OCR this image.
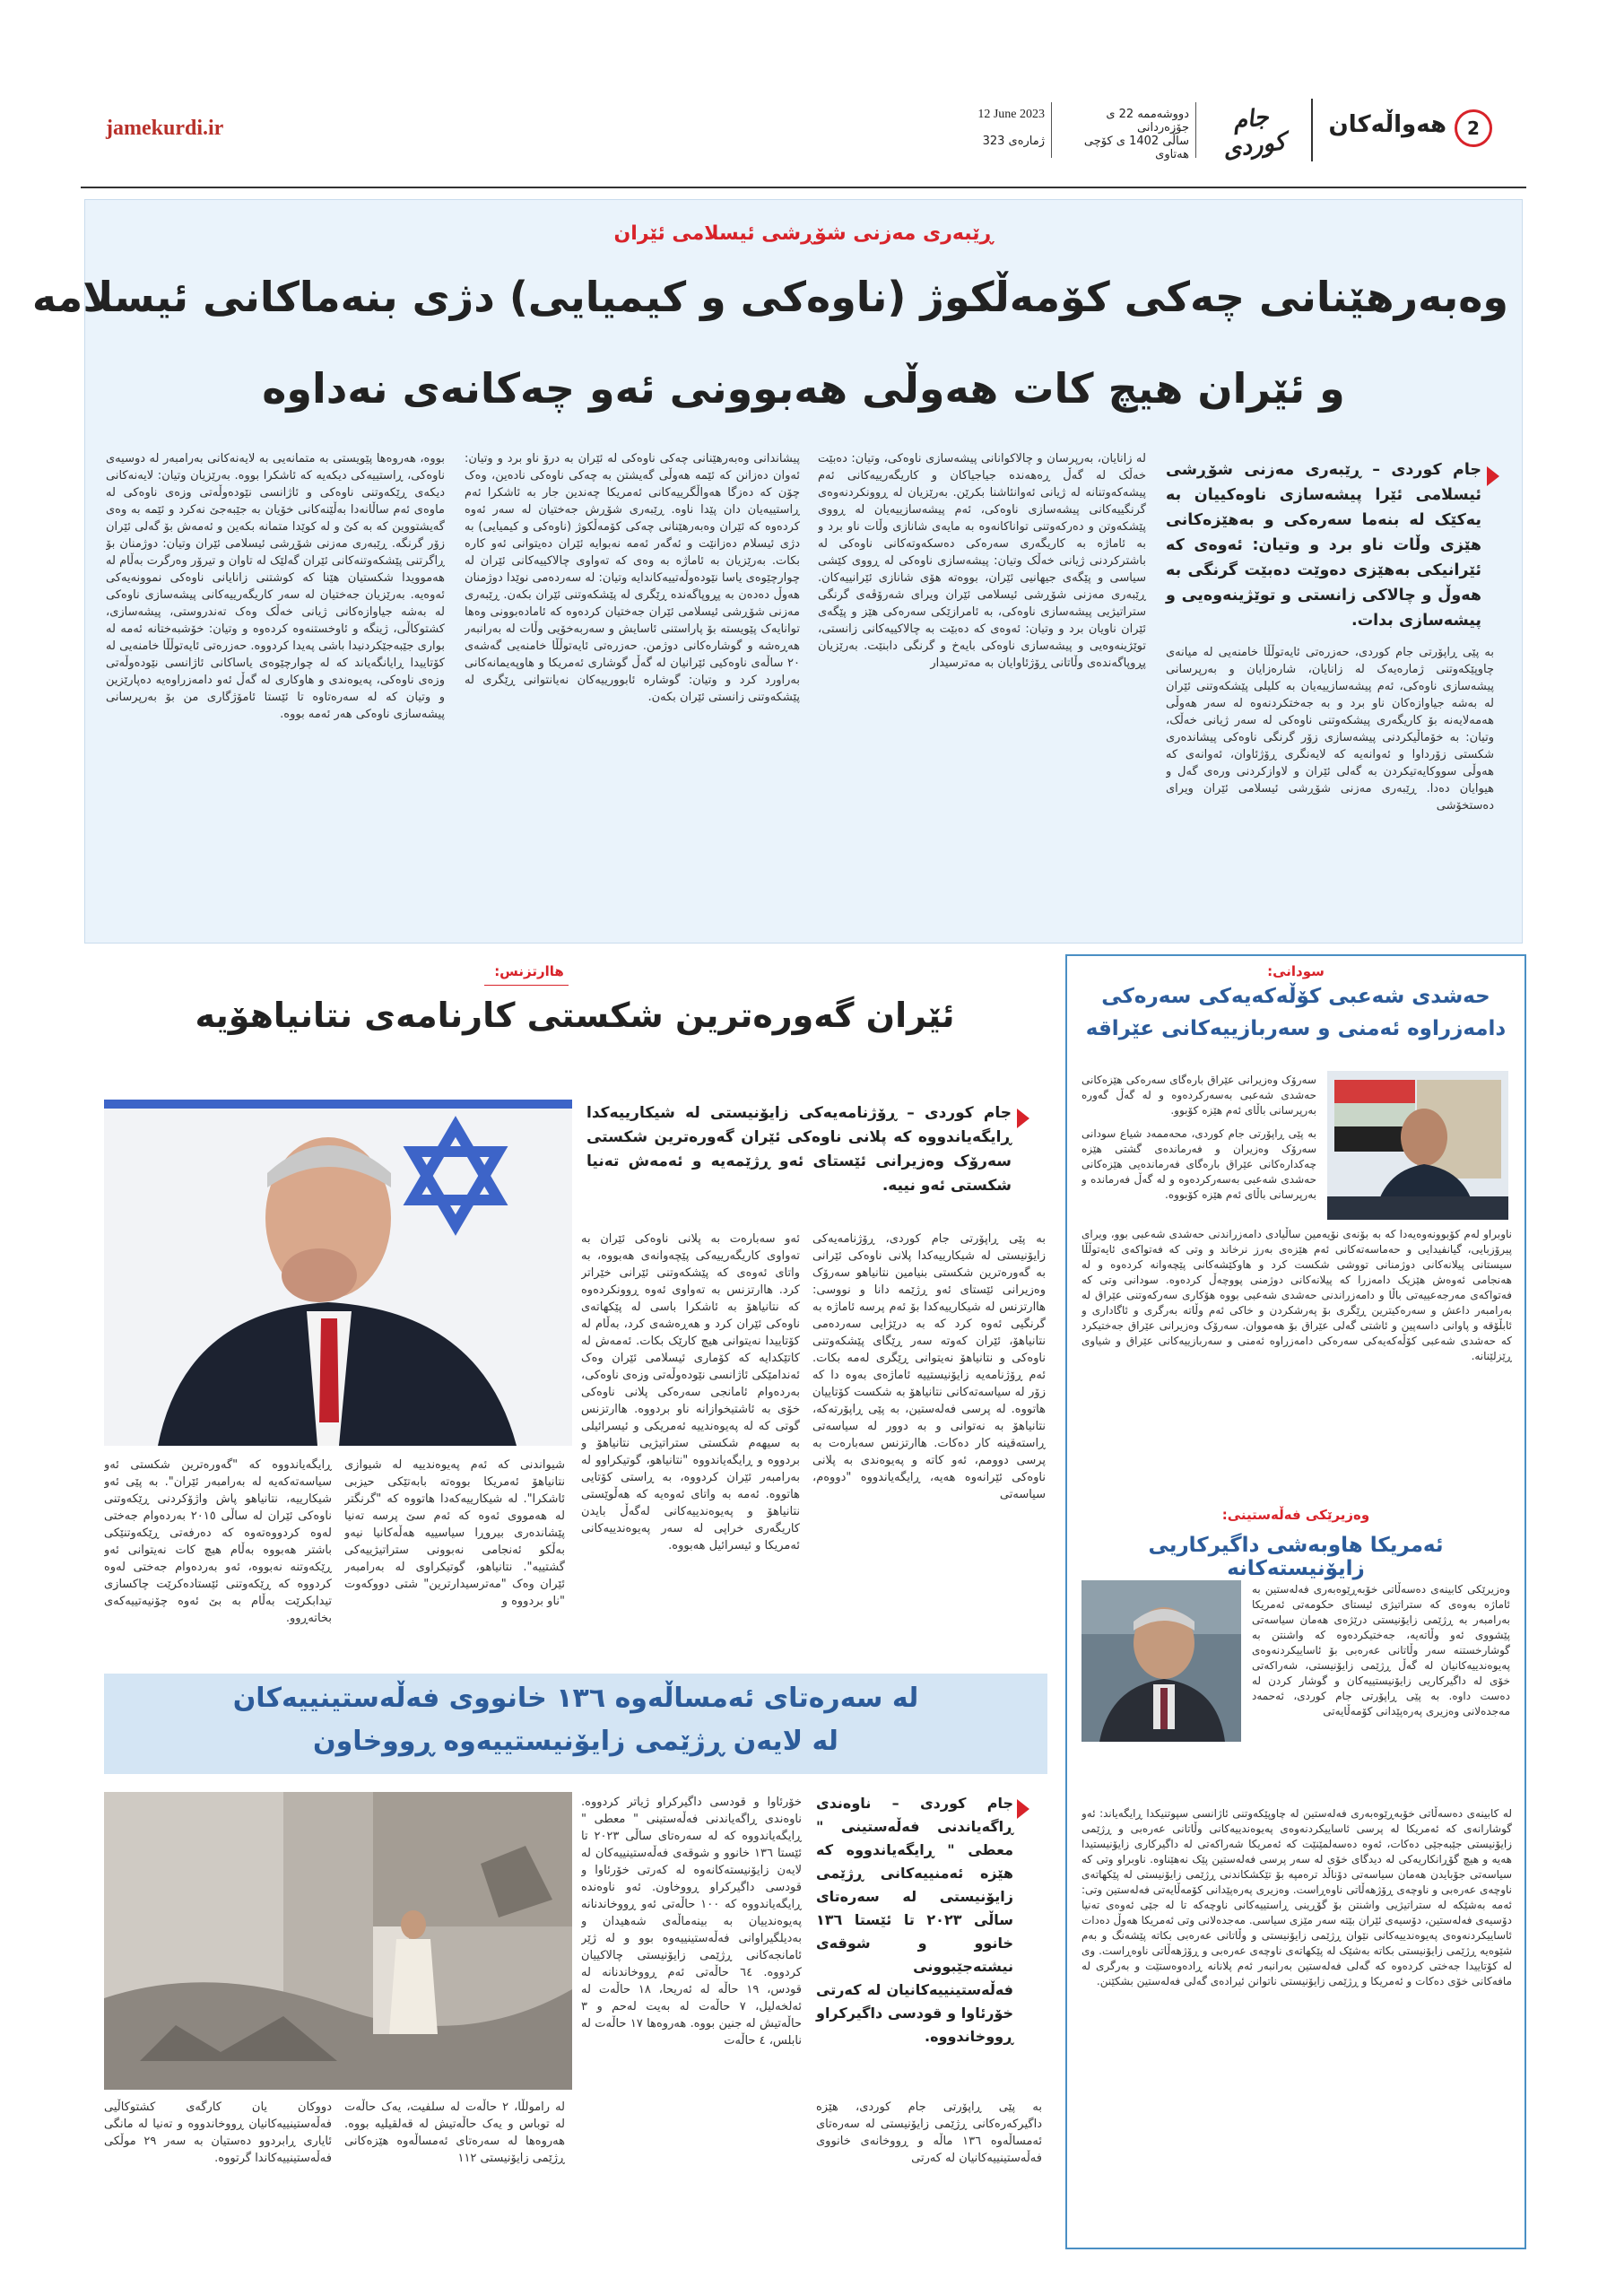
2
هەواڵەکان
جام كوردی
دووشەممە 22 ی جۆزەردانی
ساڵی 1402 ی كۆچی هەتاوی
12 June 2023
ژمارەی 323
jamekurdi.ir
ڕێبەری مەزنی شۆڕشی ئیسلامی ئێران
وەبەرهێنانی چەکی کۆمەڵکوژ (ناوەکی و کیمیایی) دژی بنەماکانی ئیسلامە
و ئێران هیچ کات هەوڵی هەبوونی ئەو چەکانەی نەداوە
جام كوردی – ڕێبەری مەزنی شۆڕشی ئیسلامی ئێرا پیشەسازی ناوەکییان بە یەکێک لە بنەما سەرەکی و بەهێزەکانی هێزی وڵات ناو برد و وتیان: ئەوەی کە ئێرانیکی بەهێزی دەوێت دەبێت گرنگی بە هەوڵ و چالاکی زانستی و توێژینەوەیی و پیشەسازی بدات.
بە پێی ڕاپۆرتی جام کوردی، حەزرەتی ئایەتوڵڵا خامنەیی لە میانەی چاوپێکەوتنی ژمارەیەک لە زانایان، شارەزایان و بەرپرسانی پیشەسازی ناوەکی، ئەم پیشەسازییەیان بە کلیلی پێشکەوتنی ئێران لە بەشە جیاوازەکان ناو برد و بە جەختکردنەوە لە سەر هەوڵی هەمەلایەنە بۆ کاریگەری پیشکەوتنی ناوەکی لە سەر ژیانی خەڵک، وتیان: بە خۆماڵیکردنی پیشەسازی زۆر گرنگی ناوەکی پیشاندەری شکستی زۆرداوا و ئەوانەیە کە لایەنگری ڕۆژئاوان، ئەوانەی کە هەوڵی سووکایەتیکردن بە گەلی ئێران و لاوازکردنی ورەی گەل و هیوایان دەدا. ڕێبەری مەزنی شۆڕشی ئیسلامی ئێران ویرای دەستخۆشی
لە زانایان، بەرپرسان و چالاکوانانی پیشەسازی ناوەکی، وتیان: دەبێت خەڵک لە گەڵ ڕەهەندە جیاجیاکان و کاریگەرییەکانی ئەم پیشەکەوتنانە لە ژیانی ئەوانئاشنا بکرێن. بەرێزیان لە ڕوونکردنەوەی گرنگییەکانی پیشەسازی ناوەکی، ئەم پیشەسازییەیان لە ڕووی پێشکەوتن و دەرکەوتنی تواناکانەوە بە مایەی شانازی وڵات ناو برد و بە ئاماژە بە کاریگەری سەرەکی دەسکەوتەکانی ناوەکی لە باشترکردنی ژیانی خەڵک وتیان: پیشەسازی ناوەکی لە ڕووی کێشی سیاسی و پێگەی جیهانیی ئێران، بووەتە هۆی شانازی ئێرانییەکان. ڕێبەری مەزنی شۆڕشی ئیسلامی ئێران ویرای شەرۆڤەی گرنگی ستراتیژیی پیشەسازی ناوەکی، بە ئامرازێکی سەرەکی هێز و پێگەی ئێران ناویان برد و وتیان: ئەوەی کە دەبێت بە چالاکییەکانی زانستی، توێژینەوەیی و پیشەسازی ناوەکی بایەخ و گرنگی دابنێت. بەرێزیان پڕوپاگەندەی وڵاتانی ڕۆژئاوایان بە مەترسیدار
پیشاندانی وەبەرهێنانی چەکی ناوەکی لە ئێران بە درۆ ناو برد و وتیان: ئەوان دەزانن کە ئێمە هەوڵی گەیشتن بە چەکی ناوەکی نادەین، وەک چۆن کە دەزگا هەواڵگرییەکانی ئەمریکا چەندین جار بە ئاشکرا ئەم ڕاستییەیان دان پێدا ناوە. ڕێبەری شۆڕش جەختیان لە سەر ئەوە کردەوە کە ئێران وەبەرهێنانی چەکی کۆمەڵکوژ (ناوەکی و کیمیایی) بە دژی ئیسلام دەزانێت و ئەگەر ئەمە نەبوایە ئێران دەیتوانی ئەو کارە بکات. بەرێزیان بە ئاماژە بە وەی کە تەواوی چالاکییەکانی ئێران لە چوارچێوەی یاسا نێودەوڵەتییەکاندایە وتیان: لە سەردەمی نوێدا دوژمنان هەوڵ دەدەن بە پڕوپاگەندە ڕێگری لە پێشکەوتنی ئێران بکەن. ڕێبەری مەزنی شۆڕشی ئیسلامی ئێران جەختیان کردەوە کە ئامادەبوونی وەها توانایەک پێویستە بۆ پاراستنی ئاسایش و سەربەخۆیی وڵات لە بەرانبەر هەڕەشە و گوشارەکانی دوژمن. حەزرەتی ئایەتوڵڵا خامنەیی گەشەی ٢٠ ساڵەی ناوەکیی ئێرانیان لە گەڵ گوشاری ئەمریکا و هاوپەیمانەکانی بەراورد کرد و وتیان: گوشارە ئابوورییەکان نەیانتوانی ڕێگری لە پێشکەوتنی زانستی ئێران بکەن.
بووە، هەروەها پێویستی بە متمانەیی بە لایەنەکانی بەرامبەر لە دوسیەی ناوەکی، ڕاستییەکی دیکەیە کە ئاشکرا بووە. بەرێزیان وتیان: لایەنەکانی دیکەی ڕێکەوتنی ناوەکی و ئاژانسی نێودەوڵەتی وزەی ناوەکی لە ماوەی ئەم ساڵانەدا بەڵێنەکانی خۆیان بە جێبەجێ نەکرد و ئێمە بە وەی گەیشتووین کە بە کێ و لە کوێدا متمانە بکەین و ئەمەش بۆ گەلی ئێران زۆر گرنگە. ڕێبەری مەزنی شۆڕشی ئیسلامی ئێران وتیان: دوژمنان بۆ ڕاگرتنی پێشکەوتنەکانی ئێران گەلێک لە تاوان و تیرۆر وەرگرت بەڵام لە هەموویدا شکستیان هێنا کە کوشتنی زانایانی ناوەکی نموونەیەکی ئەوەیە. بەرێزیان جەختیان لە سەر کاریگەرییەکانی پیشەسازی ناوەکی لە بەشە جیاوازەکانی ژیانی خەڵک وەک تەندروستی، پیشەسازی، کشتوکاڵی، ژینگە و ئاوخستنەوە کردەوە و وتیان: خۆشبەختانە ئەمە لە بواری جێبەجێکردنیدا باشی پەیدا کردووە. حەزرەتی ئایەتوڵڵا خامنەیی لە کۆتاییدا ڕایانگەیاند کە لە چوارچێوەی یاساکانی ئاژانسی نێودەوڵەتی وزەی ناوەکی، پەیوەندی و هاوکاری لە گەڵ ئەو دامەزراوەیە دەپارێزین و وتیان کە لە سەرەتاوە تا ئێستا ئامۆژگاری من بۆ بەرپرسانی پیشەسازی ناوەکی هەر ئەمە بووە.
سودانی:
حەشدی شەعبی کۆڵەکەیەکی سەرەکی
دامەزراوە ئەمنی و سەربازییەکانی عێراقە
سەرۆک وەزیرانی عێراق بارەگای سەرەکی هێزەکانی حەشدی شەعبی بەسەرکردەوە و لە گەڵ گەورە بەرپرسانی باڵای ئەم هێزە کۆبوو.
بە پێی ڕاپۆرتی جام کوردی، محەممەد شیاع سودانی سەرۆک وەزیران و فەرماندەی گشتی هێزە چەکدارەکانی عێراق بارەگای فەرماندەیی هێزەکانی حەشدی شەعبی بەسەرکردەوە و لە گەڵ فەرماندە و بەرپرسانی باڵای ئەم هێزە کۆبووە.
ناوبراو لەم کۆبوونەوەیەدا کە بە بۆنەی نۆیەمین ساڵیادی دامەزراندنی حەشدی شەعبی بوو، ویرای پیرۆزبایی، گیانفیدایی و حەماسەتەکانی ئەم هێزەی بەرز نرخاند و وتی کە فەتواکەی ئایەتوڵڵا سیستانی پیلانەکانی دوژمنانی تووشی شکست کرد و هاوکێشەکانی پێچەوانە کردەوە و لە هەنجامی ئەوەش هێزیک دامەزرا کە پیلانەکانی دوژمنی پووچەڵ کردەوە. سودانی وتی کە فەتواکەی مەرجەعییەتی باڵا و دامەزراندنی حەشدی شەعبی بووە هۆکاری سەرکەوتنی عێراق لە بەرامبەر داعش و سەرەکیترین ڕێگری بۆ پەرشکردن و خاکی ئەم وڵاتە بەرگری و ئاگاداری و ئابڵۆقە و پاوانی داسەپین و ئاشتی گەلی عێراق بۆ هەمووان. سەرۆک وەزیرانی عێراق جەختیکرد کە حەشدی شەعبی کۆڵەکەیەکی سەرەکی دامەزراوە ئەمنی و سەربازییەکانی عێراق و شیاوی ڕێزلێنانە.
وەزیرێکی فەڵەستینی:
ئەمریکا هاوبەشی داگیرکاریی زایۆنیستەکانە
وەزیرێکی کابینەی دەسەڵاتی خۆبەڕێوەبەری فەلەستین بە ئاماژە بەوەی کە ستراتیژی ئیستای حکومەتی ئەمریکا بەرامبەر بە ڕژێمی زایۆنیستی درێژەی هەمان سیاسەتی پێشووی ئەو وڵاتەیە، جەختیکردەوە کە واشنتن بە گوشارخستنە سەر وڵاتانی عەرەبی بۆ ئاساییکردنەوەی پەیوەندییەکانیان لە گەڵ ڕژێمی زایۆنیستی، شەراکەتی خۆی لە داگیرکاریی زایۆنیستییەکان و گوشار کردن لە دەست داوە. بە پێی ڕاپۆرتی جام کوردی، ئەحمەد مەجدەلانی وەزیری پەرەپێدانی کۆمەڵایەتی
لە کابینەی دەسەڵاتی خۆبەڕێوەبەری فەلەستین لە چاوپێکەوتنی ئاژانسی سپوتنیکدا ڕایگەیاند: ئەو گوشارانەی کە ئەمریکا لە پرسی ئاساییکردنەوەی پەیوەندییەکانی وڵاتانی عەرەبی و ڕژێمی زایۆنیستی جێبەجێی دەکات، ئەوە دەسەلمێنێت کە ئەمریکا شەراکەتی لە داگیرکاری زایۆنیستیدا هەیە و هیچ گۆڕانکاریەکی لە دیدگای خۆی لە سەر پرسی فەلەستین پێک نەهێناوە. ناوبراو وتی کە سیاسەتی جۆبایدن هەمان سیاسەتی دۆناڵد ترەمپە بۆ تێکشکاندنی ڕژێمی زایۆنیستی لە پێکهاتەی ناوچەی عەرەبی و ناوچەی ڕۆژهەڵاتی ناوەڕاست. وەزیری پەرەپێدانی کۆمەڵایەتی فەلەستین وتی: ئەمە بەشێکە لە ستراتیژیی واشنتن بۆ گۆڕینی ڕاستییەکانی ناوچەکە تا لە جێی ئەوەی تەنیا دۆسیەی فەلەستین، دۆسیەی ئێران بێتە سەر مێزی سیاسی. مەجدەلانی وتی ئەمریکا هەوڵ دەدات ئاساییکردنەوەی پەیوەندییەکانی نێوان ڕژێمی زایۆنیستی و وڵاتانی عەرەبی بکاتە پێشەنگ و بەم شێوەیە ڕژێمی زایۆنیستی بکاتە بەشێک لە پێکهاتەی ناوچەی عەرەبی و ڕۆژهەڵاتی ناوەڕاست. وی لە کۆتاییدا جەختی کردەوە کە گەلی فەلەستین بەرانبەر ئەم پلانانە ڕادەوەستێت و بەرگری لە مافەکانی خۆی دەکات و ئەمریکا و ڕژێمی زایۆنیستی ناتوانن ئیرادەی گەلی فەلەستین بشکێنن.
هاارتزنس:
ئێران گەورەترین شکستی کارنامەی نتانیاهۆیە
جام كوردی – ڕۆژنامەیەکی زایۆنیستی لە شیکارییەکدا ڕایگەیاندووە کە پلانی ناوەکی ئێران گەورەترین شکستی سەرۆک وەزیرانی ئێستای ئەو ڕژێمەیە و ئەمەش تەنیا شکستی ئەو نییە.
بە پێی ڕاپۆرتی جام کوردی، ڕۆژنامەیەکی زایۆنیستی لە شیکارییەکدا پلانی ناوەکی ئێرانی بە گەورەترین شکستی بنیامین نتانیاهو سەرۆک وەزیرانی ئێستای ئەو ڕژێمە دانا و نووسی: هاارتزنس لە شیکارییەکدا بۆ ئەم پرسە ئاماژە بە گرنگیی ئەوە کرد کە بە درێژایی سەردەمی نتانیاهۆ، ئێران کەوتە سەر ڕێگای پێشکەوتنی ناوەکی و نتانیاهۆ نەیتوانی ڕێگری لەمە بکات. ئەم ڕۆژنامەیە زایۆنیستییە ئاماژەی بەوە دا کە زۆر لە سیاسەتەکانی نتانیاهۆ بە شکست کۆتاییان هاتووە. لە پرسی فەلەستین، بە پێی ڕاپۆرتەکە، نتانیاهۆ بە نەتوانی و بە دوور لە سیاسەتی ڕاستەقینە کار دەکات. هاارتزنس سەبارەت بە پرسی دوومم، ئەو کاتە و پەیوەندی بە پلانی ناوەکی ئێرانەوە هەیە، ڕایگەیاندووە "دووەم، سیاسەتی
ئەو سەبارەت بە پلانی ناوەکی ئێران بە تەواوی کاریگەرییەکی پێچەوانەی هەبووە، بە واتای ئەوەی کە پێشکەوتنی ئێرانی خێراتر کرد. هاارتزنس بە تەواوی ئەوە ڕوونکردەوە کە نتانیاهۆ بە ئاشکرا باسی لە پێکهاتەی ناوەکی ئێران کرد و هەڕەشەی کرد، بەڵام لە کۆتاییدا نەیتوانی هیچ کارێک بکات. ئەمەش لە کاتێکدایە کە کۆماری ئیسلامی ئێران وەک ئەندامێکی ئاژانسی نێودەوڵەتی وزەی ناوەکی، بەردەوام ئامانجی سەرەکی پلانی ناوەکی خۆی بە ئاشتیخوازانە ناو بردووە. هاارتزنس گوتی کە لە پەیوەندییە ئەمریکی و ئیسرائیلی بە سیهەم شکستی ستراتیژیی نتانیاهۆ و بردووە و ڕایگەیاندووە "نتانیاهو، گوتیکراوو لە بەرامبەر ئێران کردووە، بە ڕاستی کۆتایی هاتووە. ئەمە بە واتای ئەوەیە کە هەڵوێستی نتانیاهۆ و پەیوەندییەکانی لەگەڵ بایدن کاریگەری خراپی لە سەر پەیوەندییەکانی ئەمریکا و ئیسرائیل هەبووە.
شیواندنی کە ئەم پەیوەندییە لە شیوازی نتانیاهۆ ئەمریکا بووەتە بابەتێکی حیزبی ئاشکرا". لە شیکارییەکەدا هاتووە کە "گرنگتر لە هەمووی ئەوە کە ئەم سێ پرسە تەنیا پێشاندەری بیروڕا سیاسییە هەڵەکانیا نیەو بەڵکو ئەنجامی نەبوونی ستراتیژییەکی گشتییە". نتانیاهو، گوتیکراوی لە بەرامبەر ئێران وەک "مەترسیدارترین" شتی دووکەوت "ناو بردووە و
ڕایگەیاندووە کە "گەورەترین شکستی ئەو سیاسەتەکەیە لە بەرامبەر ئێران". بە پێی ئەو شیکارییە، نتانیاهو پاش واژۆکردنی ڕێکەوتنی ناوەکی ئێران لە ساڵی ٢٠١٥ بەردەوام جەختی لەوە کردووەتەوە کە دەرفەتی ڕێکەوتنێکی باشتر هەبووە بەڵام هیچ کات نەیتوانی ئەو ڕێکەوتنە نەبووە، ئەو بەردەوام جەختی لەوە کردووە کە ڕێکەوتنی ئێستادەکرێت چاکسازی تیدابکرێت بەڵام بە بێ ئەوە چۆنیەتییەکەی بخاتەڕوو.
لە سەرەتای ئەمساڵەوە ١٣٦ خانووی فەڵەستینییەکان
لە لایەن ڕژێمی زایۆنیستییەوە ڕووخاون
جام كوردی – ناوەندی ڕاگەیاندنی فەڵەستینی " معطی " ڕایگەیاندووە کە هێزە ئەمنییەکانی ڕژێمی زایۆنیستی لە سەرەتای ساڵی ٢٠٢٣ تا ئێستا ١٣٦ خانوو و شوقەی نیشتەجێبوونی فەڵەستینییەکانیان لە کەرتی خۆرئاوا و قودسی داگیرکراو ڕووخاندووە.
بە پێی ڕاپۆرتی جام کوردی، هێزە داگیرکەرەکانی ڕژێمی زایۆنیستی لە سەرەتای ئەمساڵەوە ١٣٦ ماڵە و ڕووخانەی خانووی فەڵەستینییەکانیان لە کەرتی
خۆرئاوا و قودسی داگیرکراو ژیاتر کردووە. ناوەندی ڕاگەیاندنی فەڵەستینی " معطی " ڕایگەیاندووە کە لە سەرەتای ساڵی ٢٠٢٣ تا ئێستا ١٣٦ خانوو و شوقەی فەڵەستینییەکان لە لایەن زایۆنیستەکانەوە لە کەرتی خۆرئاوا و قودسی داگیرکراو ڕووخاون. ئەو ناوەندە ڕایگەیاندووە کە ١٠٠ حاڵەتی ئەو ڕووخاندنانە پەیوەندییان بە بینەماڵەی شەهیدان و بەدیلگیراوانی فەڵەستینییەوە بوو و لە ژێر ئامانجەکانی ڕژێمی زایۆنیستی چالاکییان کردووە. ٦٤ حاڵەتی ئەم ڕووخاندنانە لە قودس، ١٩ حاڵە لە ئەریحا، ١٨ حاڵەت لە ئەلخەلیل، ٧ حاڵەت لە بەیت لەحم و ٣ حاڵەتیش لە جنین بووە. هەروەها ١٧ حاڵەت لە نابلس، ٤ حاڵەت
لە رامولڵا، ٢ حاڵەت لە سلفیت، یەک حاڵەت لە توباس و یەک حاڵەتیش لە قەلقیلیە بووە. هەروەها لە سەرەتای ئەمساڵەوە هێزەکانی ڕژێمی زایۆنیستی ١١٢
دووکان یان کارگەی کشتوکاڵیی فەڵەستینییەکانیان ڕووخاندووە و تەنیا لە مانگی ئایاری ڕابردوو دەستیان بە سەر ٢٩ موڵکی فەڵەستینییەکاندا گرتووە.
